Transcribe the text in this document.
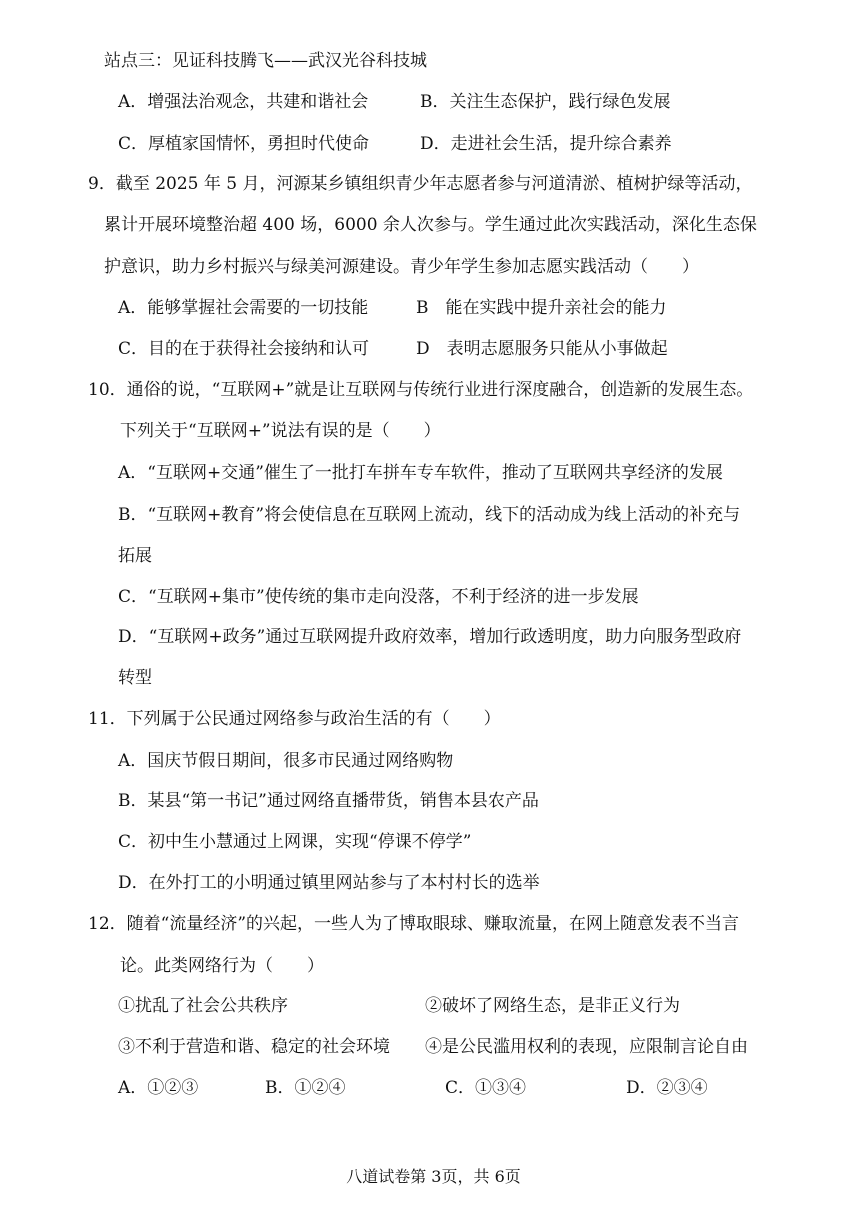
站点三：见证科技腾飞——武汉光谷科技城
A．增强法治观念，共建和谐社会	B．关注生态保护，践行绿色发展
C．厚植家国情怀，勇担时代使命	D．走进社会生活，提升综合素养
9．截至 2025 年 5 月，河源某乡镇组织青少年志愿者参与河道清淤、植树护绿等活动，
累计开展环境整治超 400 场，6000 余人次参与。学生通过此次实践活动，深化生态保
护意识，助力乡村振兴与绿美河源建设。青少年学生参加志愿实践活动（　　）
A．能够掌握社会需要的一切技能	B　能在实践中提升亲社会的能力
C．目的在于获得社会接纳和认可	D　表明志愿服务只能从小事做起
10．通俗的说，“互联网+”就是让互联网与传统行业进行深度融合，创造新的发展生态。
下列关于“互联网+”说法有误的是（　　）
A．“互联网+交通”催生了一批打车拼车专车软件，推动了互联网共享经济的发展
B．“互联网+教育”将会使信息在互联网上流动，线下的活动成为线上活动的补充与
拓展
C．“互联网+集市”使传统的集市走向没落，不利于经济的进一步发展
D．“互联网+政务”通过互联网提升政府效率，增加行政透明度，助力向服务型政府
转型
11．下列属于公民通过网络参与政治生活的有（　　）
A．国庆节假日期间，很多市民通过网络购物
B．某县“第一书记”通过网络直播带货，销售本县农产品
C．初中生小慧通过上网课，实现“停课不停学”
D．在外打工的小明通过镇里网站参与了本村村长的选举
12．随着“流量经济”的兴起，一些人为了博取眼球、赚取流量，在网上随意发表不当言
论。此类网络行为（　　）
①扰乱了社会公共秩序	②破坏了网络生态，是非正义行为
③不利于营造和谐、稳定的社会环境 ④是公民滥用权利的表现，应限制言论自由
A．①②③	B．①②④	C．①③④	D．②③④
八道试卷第 3页，共 6页
